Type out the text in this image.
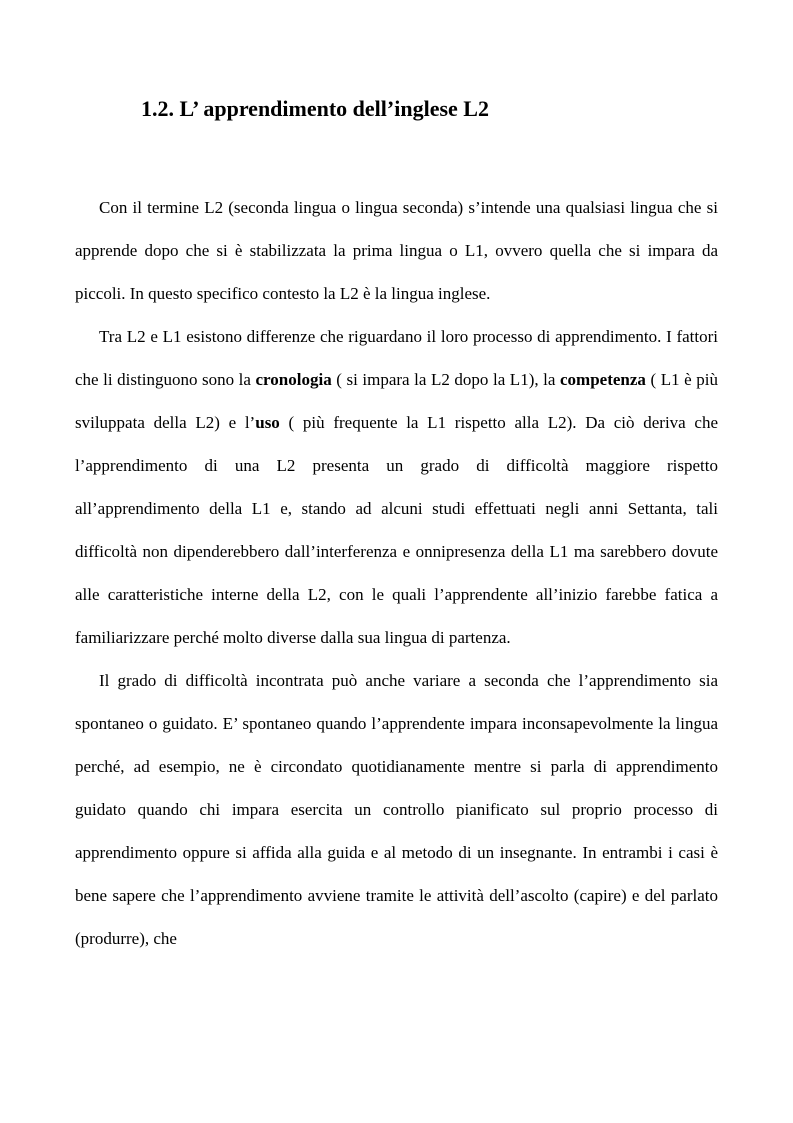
1.2. L’ apprendimento dell’inglese L2

Con il termine L2 (seconda lingua o lingua seconda) s’intende una qualsiasi lingua che si apprende dopo che si è stabilizzata la prima lingua o L1, ovvero quella che si impara da piccoli. In questo specifico contesto la L2 è la lingua inglese.

Tra L2 e L1 esistono differenze che riguardano il loro processo di apprendimento. I fattori che li distinguono sono la cronologia ( si impara la L2 dopo la L1), la competenza ( L1 è più sviluppata della L2) e l’uso ( più frequente la L1 rispetto alla L2). Da ciò deriva che l’apprendimento di una L2 presenta un grado di difficoltà maggiore rispetto all’apprendimento della L1 e, stando ad alcuni studi effettuati negli anni Settanta, tali difficoltà non dipenderebbero dall’interferenza e onnipresenza della L1 ma sarebbero dovute alle caratteristiche interne della L2, con le quali l’apprendente all’inizio farebbe fatica a familiarizzare perché molto diverse dalla sua lingua di partenza.

Il grado di difficoltà incontrata può anche variare a seconda che l’apprendimento sia spontaneo o guidato. E’ spontaneo quando l’apprendente impara inconsapevolmente la lingua perché, ad esempio, ne è circondato quotidianamente mentre si parla di apprendimento guidato quando chi impara esercita un controllo pianificato sul proprio processo di apprendimento oppure si affida alla guida e al metodo di un insegnante. In entrambi i casi è bene sapere che l’apprendimento avviene tramite le attività dell’ascolto (capire) e del parlato (produrre), che
